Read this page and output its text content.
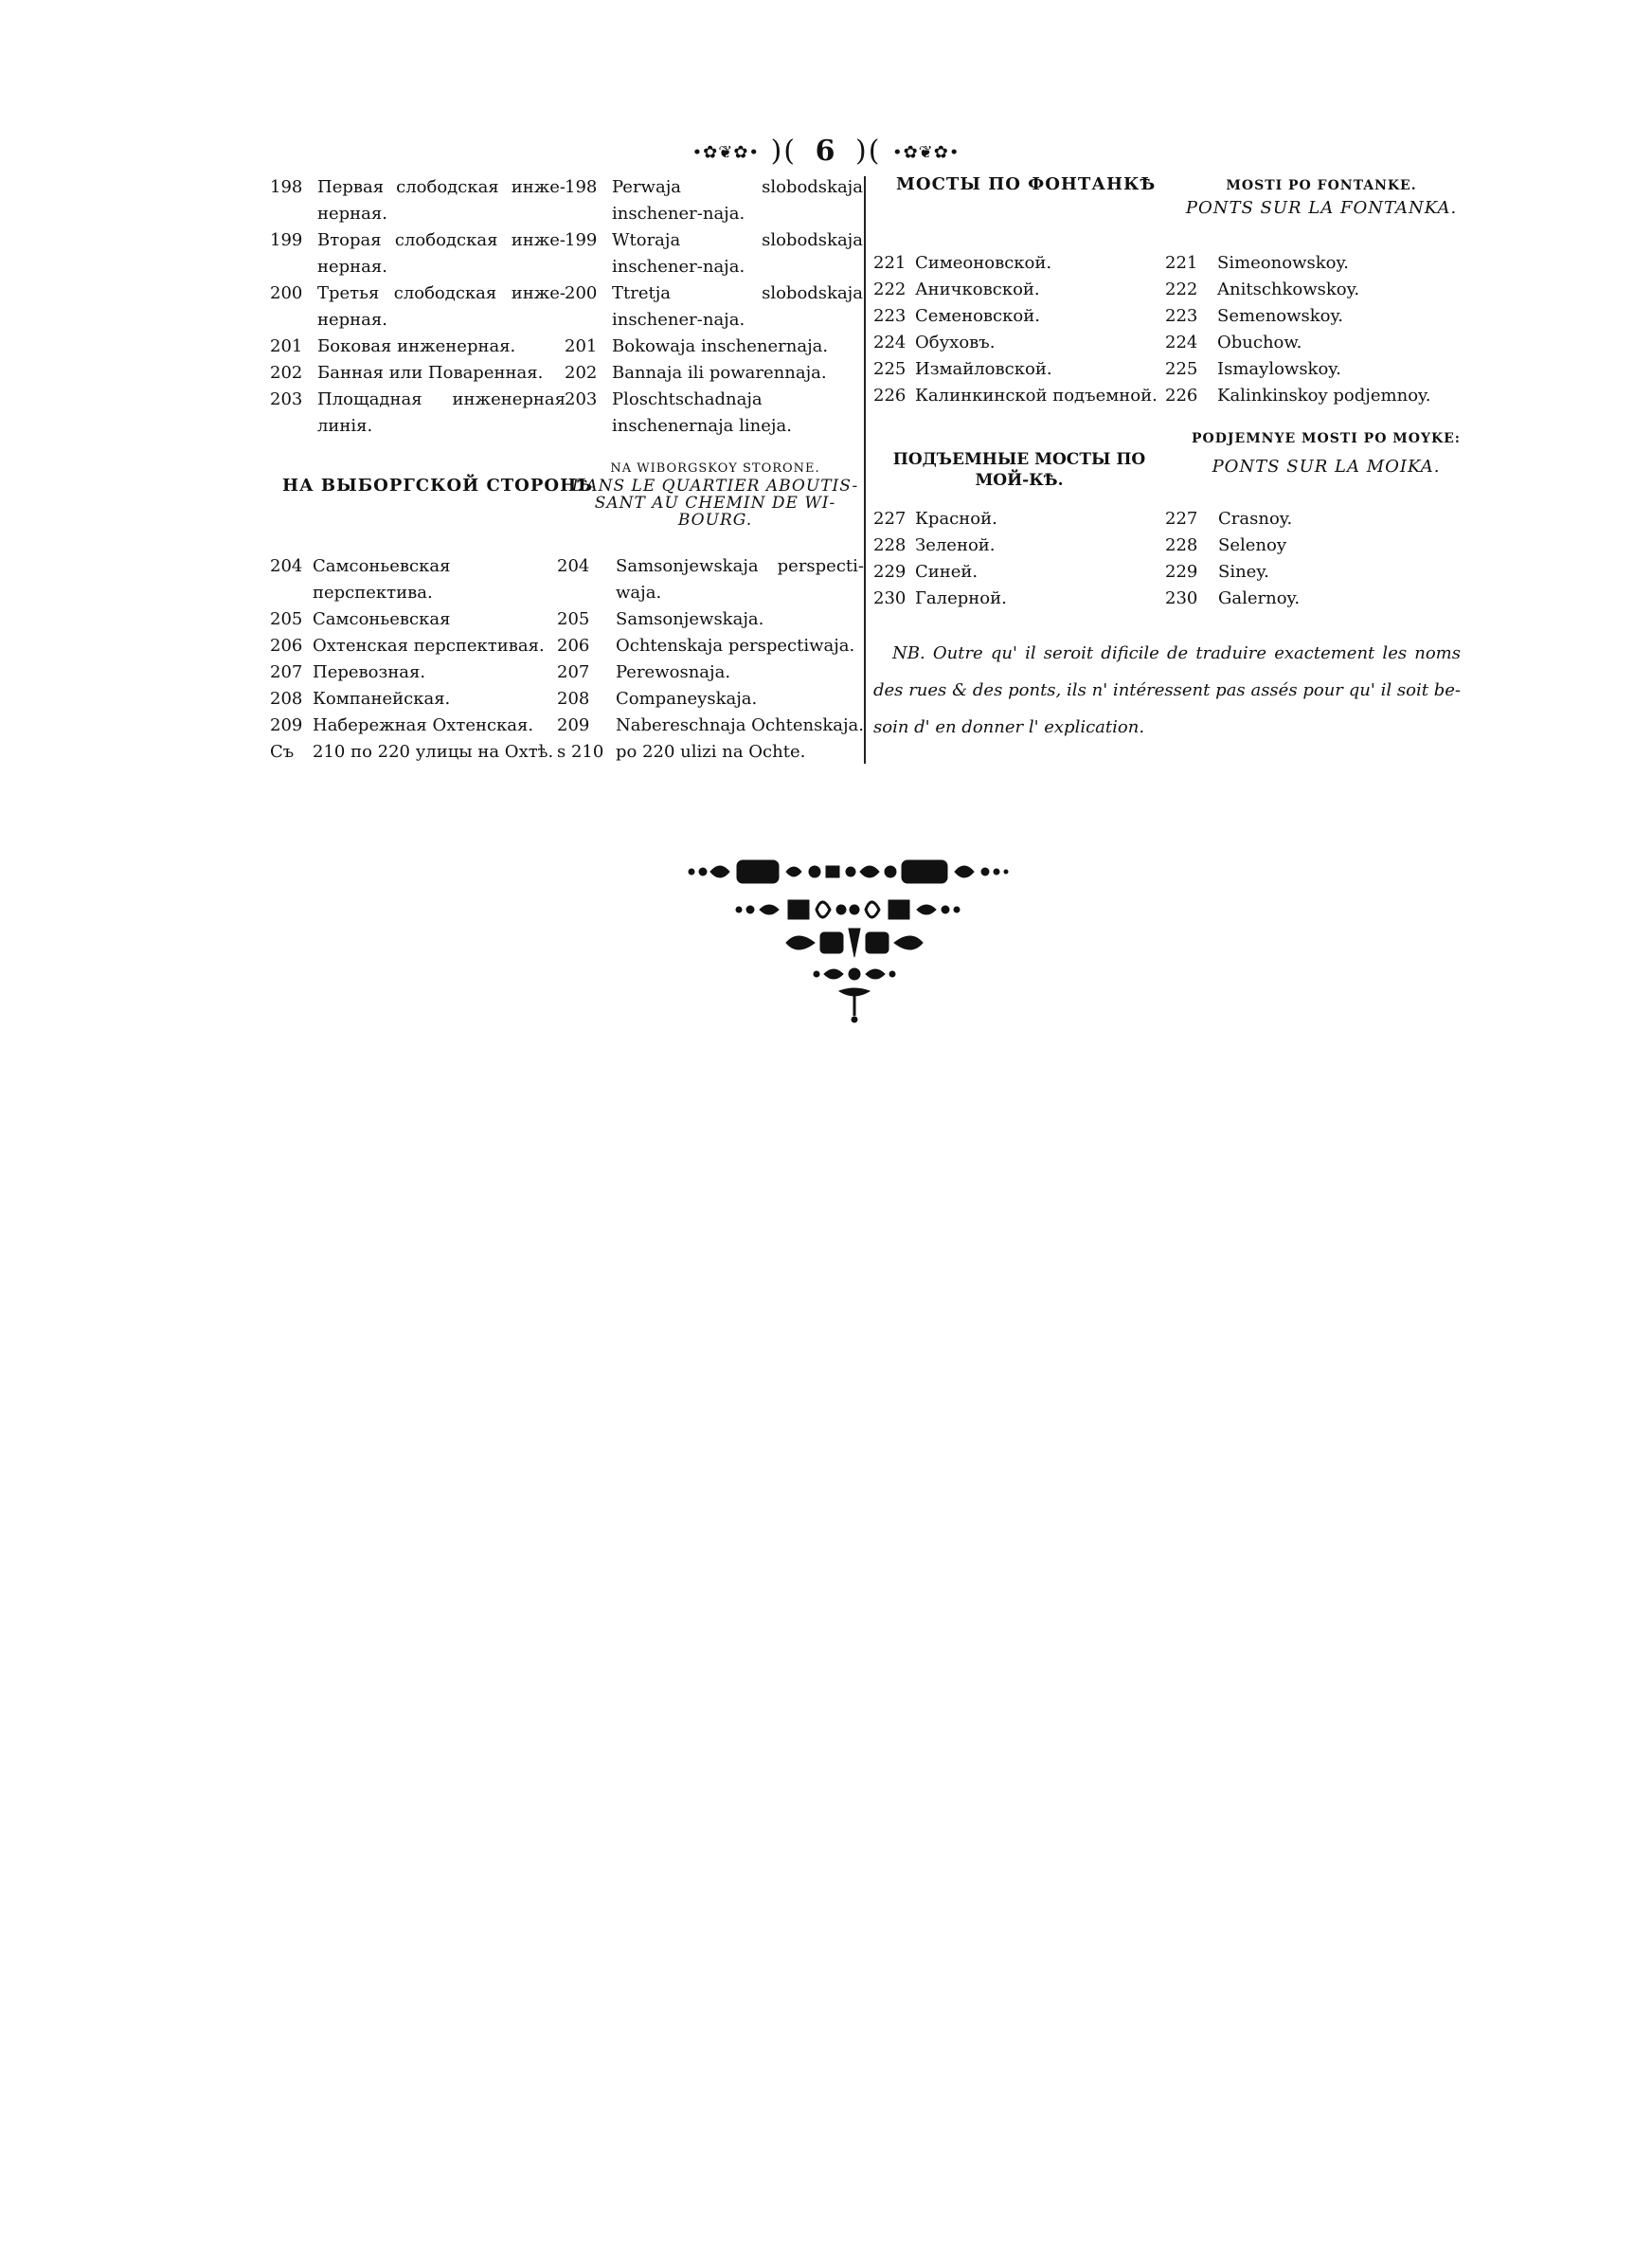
•✿❦✿• )( 6 )( •✿❦✿•
198 Первая слободская инже-нерная.
199 Вторая слободская инже-нерная.
200 Третья слободская инже-нерная.
201 Боковая инженерная.
202 Банная или Поваренная.
203 Площадная инженерная линія.
198 Perwaja slobodskaja inschener-naja.
199 Wtoraja slobodskaja inschener-naja.
200 Ttretja slobodskaja inschener-naja.
201 Bokowaja inschenernaja.
202 Bannaja ili powarennaja.
203 Ploschtschadnaja inschenernaja lineja.
НА ВЫБОРГСКОЙ СТОРОНѢ
NA WIBORGSKOY STORONE.
DANS LE QUARTIER ABOUTIS-SANT AU CHEMIN DE WI-BOURG.
204 Самсоньевская перспектива.
205 Самсоньевская
206 Охтенская перспективая.
207 Перевозная.
208 Компанейская.
209 Набережная Охтенская.
Съ 210 по 220 улицы на Охтѣ.
204 Samsonjewskaja perspecti-waja.
205 Samsonjewskaja.
206 Ochtenskaja perspectiwaja.
207 Perewosnaja.
208 Companeyskaja.
209 Nabereschnaja Ochtenskaja.
s 210 po 220 ulizi na Ochte.
МОСТЫ ПО ФОНТАНКѢ	MOSTI PO FONTANKE.
PONTS SUR LA FONTANKA.
221 Симеоновской.
222 Аничковской.
223 Семеновской.
224 Обуховъ.
225 Измайловской.
226 Калинкинской подъемной.
221 Simeonowskoy.
222 Anitschkowskoy.
223 Semenowskoy.
224 Obuchow.
225 Ismaylowskoy.
226 Kalinkinskoy podjemnoy.
ПОДЪЕМНЫЕ МОСТЫ ПО МОЙ-КѢ.
PODJEMNYE MOSTI PO MOYKE:
PONTS SUR LA MOIKA.
227 Красной.
228 Зеленой.
229 Синей.
230 Галерной.
227 Crasnoy.
228 Selenoy
229 Siney.
230 Galernoy.
NB. Outre qu' il seroit dificile de traduire exactement les noms des rues & des ponts, ils n' intéressent pas assés pour qu' il soit be-soin d' en donner l' explication.
